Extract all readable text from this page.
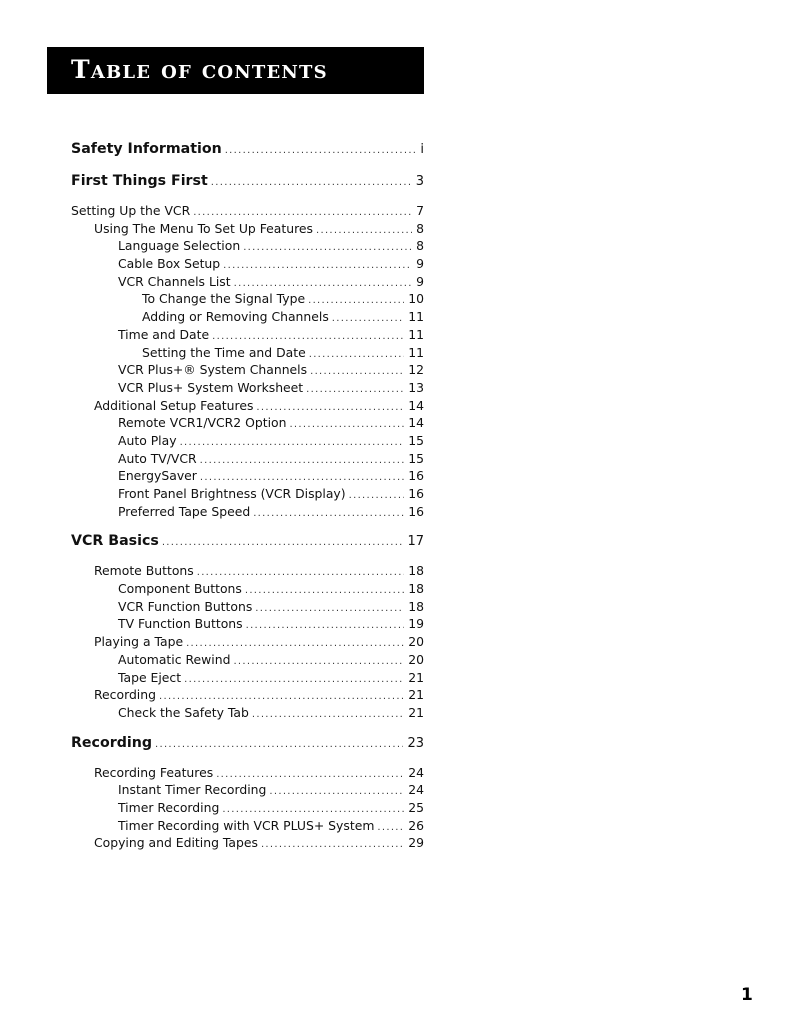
Table of contents
Safety Information .....	i
First Things First .....	3
Setting Up the VCR .....	7
Using The Menu To Set Up Features .....	8
Language Selection .....	8
Cable Box Setup .....	9
VCR Channels List .....	9
To Change the Signal Type .....	10
Adding or Removing Channels .....	11
Time and Date .....	11
Setting the Time and Date .....	11
VCR Plus+® System Channels .....	12
VCR Plus+ System Worksheet .....	13
Additional Setup Features .....	14
Remote VCR1/VCR2 Option .....	14
Auto Play .....	15
Auto TV/VCR .....	15
EnergySaver .....	16
Front Panel Brightness (VCR Display) .....	16
Preferred Tape Speed .....	16
VCR Basics .....	17
Remote Buttons .....	18
Component Buttons .....	18
VCR Function Buttons .....	18
TV Function Buttons .....	19
Playing a Tape .....	20
Automatic Rewind .....	20
Tape Eject .....	21
Recording .....	21
Check the Safety Tab .....	21
Recording .....	23
Recording Features .....	24
Instant Timer Recording .....	24
Timer Recording .....	25
Timer Recording with VCR PLUS+ System .....	26
Copying and Editing Tapes .....	29
1
